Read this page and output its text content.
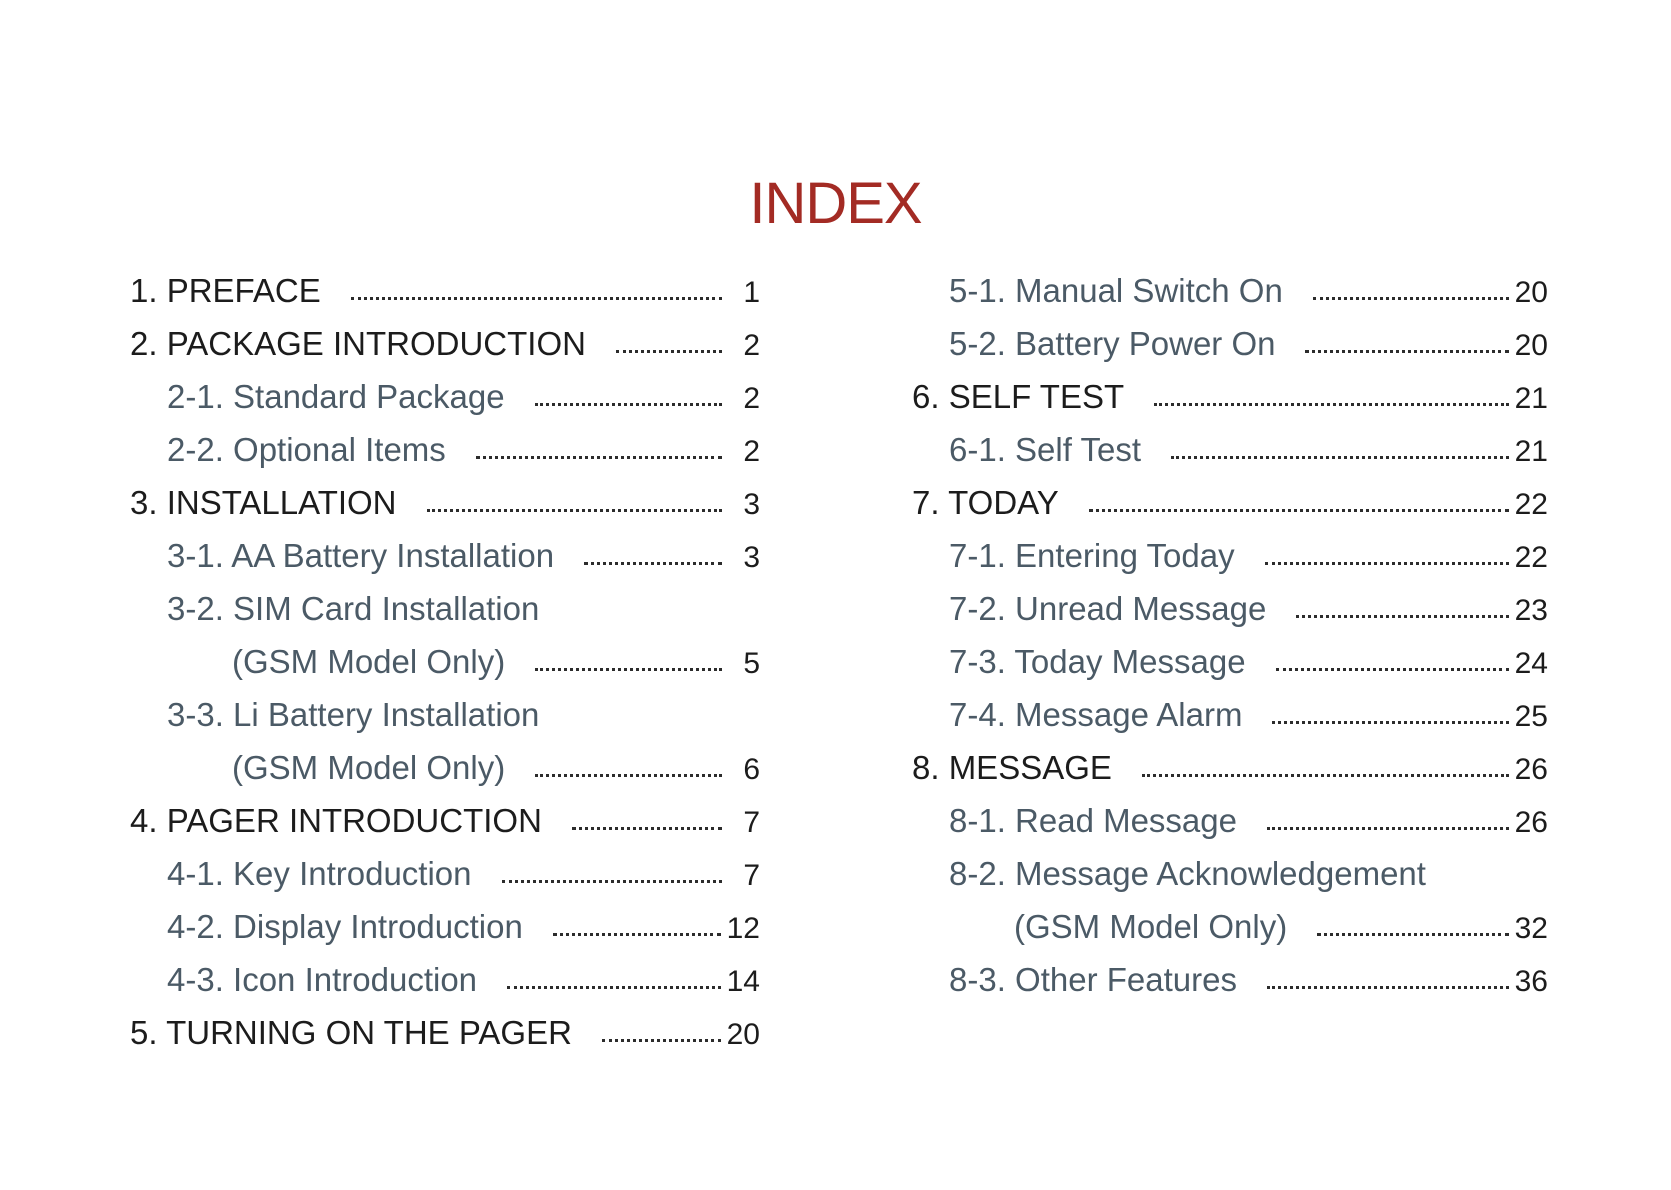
INDEX
1. PREFACE	1
2. PACKAGE INTRODUCTION	2
2-1. Standard Package	2
2-2. Optional Items	2
3. INSTALLATION	3
3-1. AA Battery Installation	3
3-2. SIM Card Installation
(GSM Model Only)	5
3-3. Li Battery Installation
(GSM Model Only)	6
4. PAGER INTRODUCTION	7
4-1. Key Introduction	7
4-2. Display Introduction	12
4-3. Icon Introduction	14
5. TURNING ON THE PAGER	20
5-1. Manual Switch On	20
5-2. Battery Power On	20
6. SELF TEST	21
6-1. Self Test	21
7. TODAY	22
7-1. Entering Today	22
7-2. Unread Message	23
7-3. Today Message	24
7-4. Message Alarm	25
8. MESSAGE	26
8-1. Read Message	26
8-2. Message Acknowledgement
(GSM Model Only)	32
8-3. Other Features	36
